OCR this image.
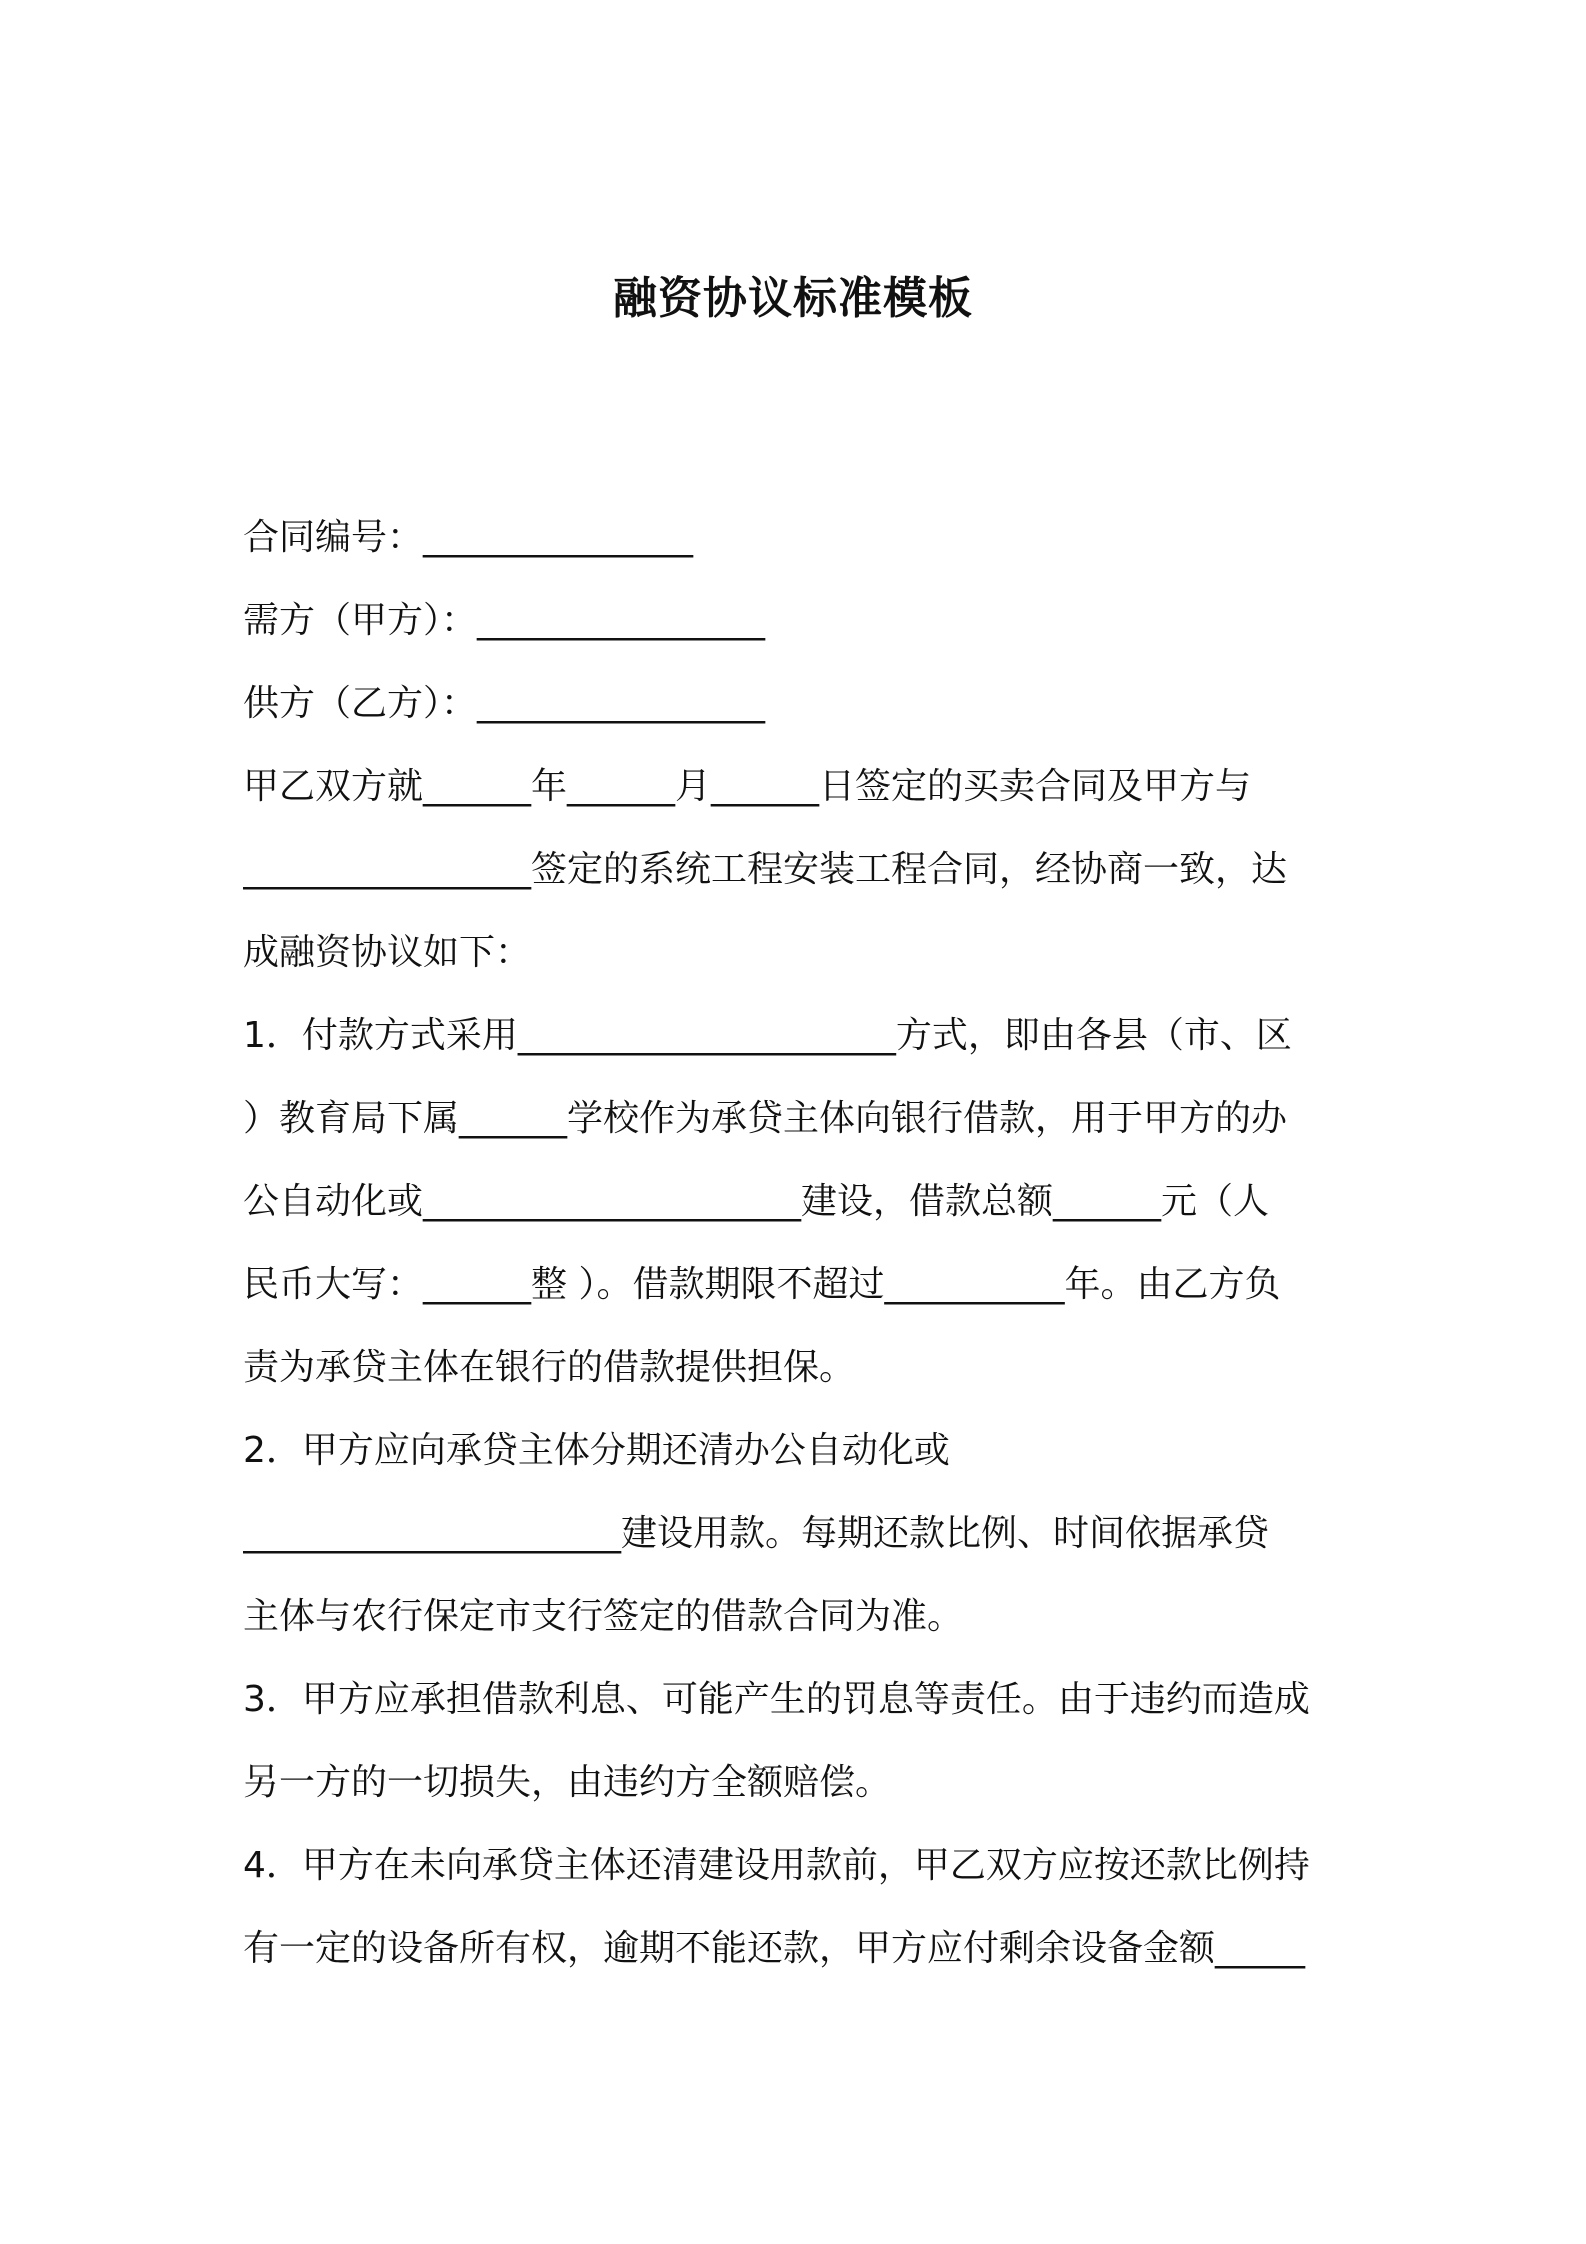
融资协议标准模板
合同编号：_______________
需方（甲方）：________________
供方（乙方）：________________
甲乙双方就______年______月______日签定的买卖合同及甲方与
________________签定的系统工程安装工程合同，经协商一致，达
成融资协议如下：
1．付款方式采用_____________________方式，即由各县（市、区
）教育局下属______学校作为承贷主体向银行借款，用于甲方的办
公自动化或_____________________建设，借款总额______元（人
民币大写：______整 ）。借款期限不超过__________年。由乙方负
责为承贷主体在银行的借款提供担保。
2．甲方应向承贷主体分期还清办公自动化或
_____________________建设用款。每期还款比例、时间依据承贷
主体与农行保定市支行签定的借款合同为准。
3．甲方应承担借款利息、可能产生的罚息等责任。由于违约而造成
另一方的一切损失，由违约方全额赔偿。
4．甲方在未向承贷主体还清建设用款前，甲乙双方应按还款比例持
有一定的设备所有权，逾期不能还款，甲方应付剩余设备金额_____
